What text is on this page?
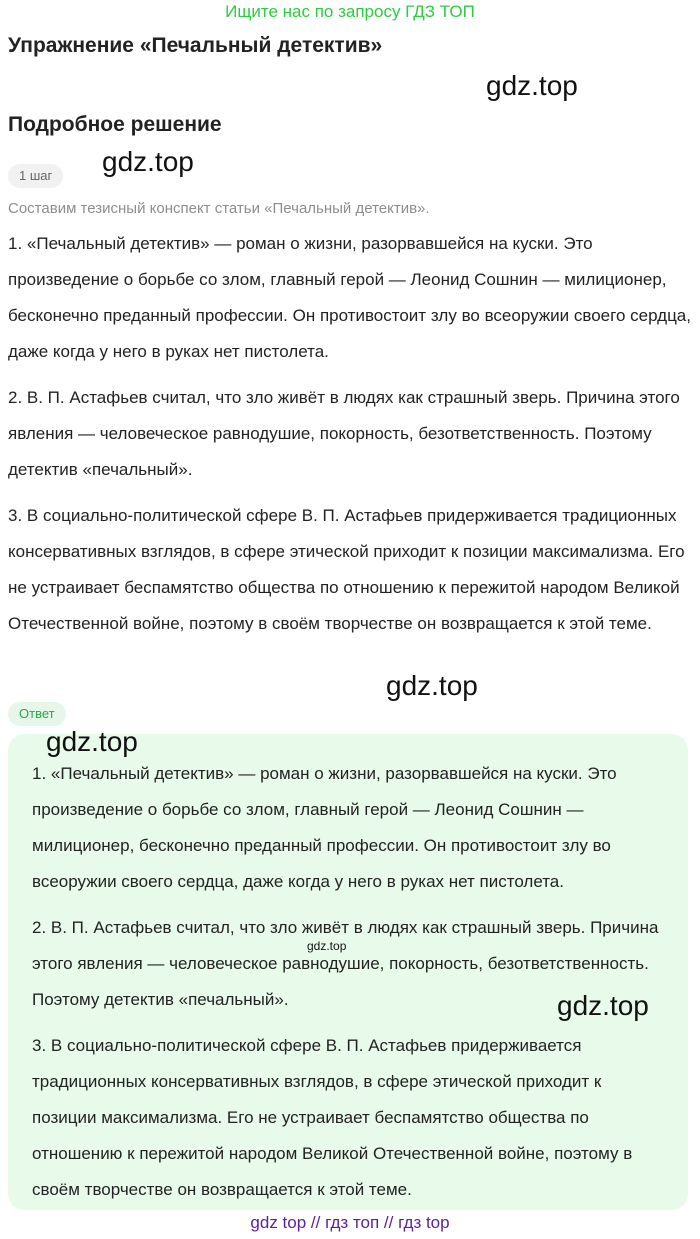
Ищите нас по запросу ГДЗ ТОП
Упражнение «Печальный детектив»
gdz.top
Подробное решение
1 шаг	gdz.top
Составим тезисный конспект статьи «Печальный детектив».

1. «Печальный детектив» — роман о жизни, разорвавшейся на куски. Это произведение о борьбе со злом, главный герой — Леонид Сошнин — милиционер, бесконечно преданный профессии. Он противостоит злу во всеоружии своего сердца, даже когда у него в руках нет пистолета.

2. В. П. Астафьев считал, что зло живёт в людях как страшный зверь. Причина этого явления — человеческое равнодушие, покорность, безответственность. Поэтому детектив «печальный».

3. В социально-политической сфере В. П. Астафьев придерживается традиционных консервативных взглядов, в сфере этической приходит к позиции максимализма. Его не устраивает беспамятство общества по отношению к пережитой народом Великой Отечественной войне, поэтому в своём творчестве он возвращается к этой теме.

gdz.top
Ответ

1. «Печальный детектив» — роман о жизни, разорвавшейся на куски. Это произведение о борьбе со злом, главный герой — Леонид Сошнин — милиционер, бесконечно преданный профессии. Он противостоит злу во всеоружии своего сердца, даже когда у него в руках нет пистолета.

2. В. П. Астафьев считал, что зло живёт в людях как страшный зверь. Причина этого явления — человеческое равнодушие, покорность, безответственность. Поэтому детектив «печальный».

3. В социально-политической сфере В. П. Астафьев придерживается традиционных консервативных взглядов, в сфере этической приходит к позиции максимализма. Его не устраивает беспамятство общества по отношению к пережитой народом Великой Отечественной войне, поэтому в своём творчестве он возвращается к этой теме.

gdz.top
gdz.top
gdz.top
gdz top // гдз топ // гдз top
